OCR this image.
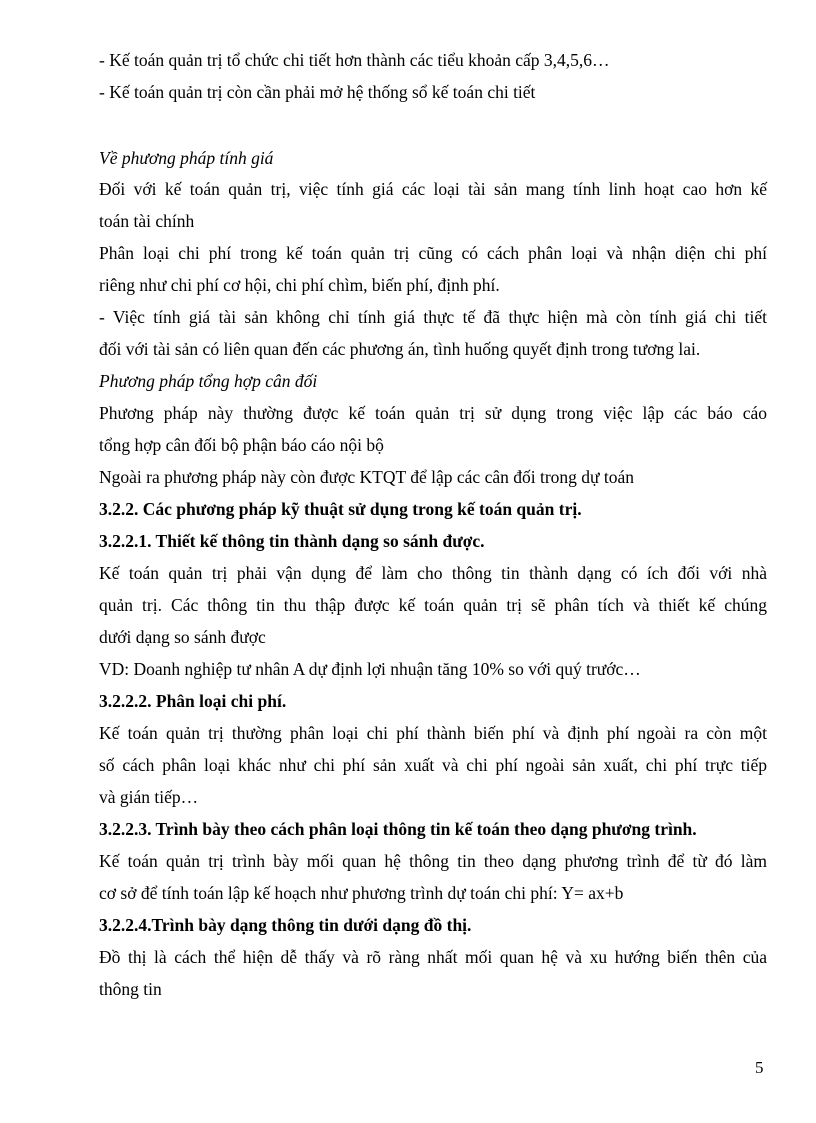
- Kế toán quản trị tổ chức chi tiết hơn thành các tiểu khoản cấp 3,4,5,6…
- Kế toán quản trị còn cần phải mở hệ thống sổ kế toán chi tiết
Về phương pháp tính giá
Đối với kế toán quản trị, việc tính giá các loại tài sản mang tính linh hoạt cao hơn kế
toán tài chính
Phân loại chi phí trong kế toán quản trị cũng có cách phân loại và nhận diện chi phí
riêng như chi phí cơ hội, chi phí chìm, biến phí, định phí.
- Việc tính giá tài sản không chỉ tính giá thực tế đã thực hiện mà còn tính giá chi tiết
đối với tài sản có liên quan đến các phương án, tình huống quyết định trong tương lai.
Phương pháp tổng hợp cân đối
Phương pháp này thường được kế toán quản trị sử dụng trong việc lập các báo cáo
tổng hợp cân đối bộ phận báo cáo nội bộ
Ngoài ra phương pháp này còn được KTQT để lập các cân đối trong dự toán
3.2.2. Các phương pháp kỹ thuật sử dụng trong kế toán quản trị.
3.2.2.1. Thiết kế thông tin thành dạng so sánh được.
Kế toán quản trị phải vận dụng để làm cho thông tin thành dạng có ích đối với nhà
quản trị. Các thông tin thu thập được kế toán quản trị sẽ phân tích và thiết kế chúng
dưới dạng so sánh được
VD: Doanh nghiệp tư nhân A dự định lợi nhuận tăng 10% so với quý trước…
3.2.2.2. Phân loại chi phí.
Kế toán quản trị thường phân loại chi phí thành biến phí và định phí ngoài ra còn một
số cách phân loại khác như chi phí sản xuất và chi phí ngoài sản xuất, chi phí trực tiếp
và gián tiếp…
3.2.2.3. Trình bày theo cách phân loại thông tin kế toán theo dạng phương trình.
Kế toán quản trị trình bày mối quan hệ thông tin theo dạng phương trình để từ đó làm
cơ sở để tính toán lập kế hoạch như phương trình dự toán chi phí: Y= ax+b
3.2.2.4.Trình bày dạng thông tin dưới dạng đồ thị.
Đồ thị là cách thể hiện dễ thấy và rõ ràng nhất mối quan hệ và xu hướng biến thên của
thông tin
5
